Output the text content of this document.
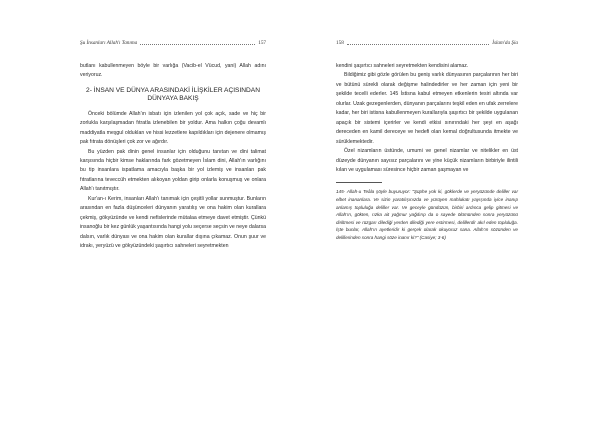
Şu İnsanları Allah'ı Tanıma	157

butlanı kabullenmeyen böyle bir varlığa (Vacib-el Vücud, yani) Allah adını veriyoruz.

2- İNSAN VE DÜNYA ARASINDAKİ İLİŞKİLER AÇISINDAN DÜNYAYA BAKIŞ

Önceki bölümde Allah'ın isbatı için izlenilen yol çok açık, sade ve hiç bir zorlukla karşılaşmadan fıtratla izlenebilen bir yoldur. Ama halkın çoğu devamlı maddiyatla meşgul oldukları ve hissi lezzetlere kapıldıkları için dejenere olmamış pak fıtrata dönüşleri çok zor ve ağırdır.

Bu yüzden pak dinin genel insanlar için olduğunu tanıtan ve dini talimat karşısında hiçbir kimse haklarında fark gözetmeyen İslam dini, Allah'ın varlığını bu tip insanlara ispatlama amacıyla başka bir yol izlemiş ve insanları pak fıtratlarına teveccüh etmekten alıkoyan yoldan girip onlarla konuşmuş ve onlara Allah'ı tanıtmıştır.

Kur'an-ı Kerim, insanları Allah'ı tanımak için çeşitli yollar sunmuştur. Bunların arasından en fazla düşünceleri dünyanın yaratılış ve ona hakim olan kurallara çekmiş, gökyüzünde ve kendi nefislerinde mütalaa etmeye davet etmiştir. Çünkü insanoğlu bir kez günlük yaşantısında hangi yolu seçerse seçsin ve neye dalarsa dalsın, varlık dünyası ve ona hakim olan kurallar dışına çıkamaz. Onun şuur ve idrakı, yeryüzü ve gökyüzündeki şaşırtıcı sahneleri seyretmekten

158	İslam'da Şia

kendini şaşırtıcı sahneleri seyretmekten kendisini alamaz.

Bildiğimiz gibi gözle görülen bu geniş varlık dünyasının parçalarının her biri ve bütünü sürekli olarak değişme halindedirler ve her zaman için yeni bir şekilde tecelli ederler. 145 İstisna kabul etmeyen etkenlerin tesiri altında var olurlar. Uzak gezegenlerden, dünyanın parçalarını teşkil eden en ufak zerrelere kadar, her biri istisna kabullenmeyen kurallarıyla şaşırtıcı bir şekilde uygulanan apaçık bir sistemi içerirler ve kendi etkisi sınırındaki her şeyi en aşağı dereceden en kamil dereceye ve hedefi olan kemal doğrultusunda itmekte ve sürüklemektedir.

Özel nizamların üstünde, umumi ve genel nizamlar ve nitelikler en üst düzeyde dünyanın sayısız parçalarını ve yine küçük nizamların birbiriyle ilintili kılan ve uygulaması süresince hiçbir zaman şaşmayan ve

145- Allah-u Teâla şöyle buyuruyor: "Şüphe yok ki, göklerde ve yeryüzünde deliller var elbet inananlara. Ve sizin yaratılışınızda ve yürüyen mahlukatı yayışında iyice inanıp anlamış topluluğa deliller var. Ve geceyle gündüzün, birbiri ardınca gelip gitmesi ve Allah'ın, gökten, rızka ait yağmur yağdırıp da o sayede ölümünden sonra yeryüzünü diriltmesi ve rüzgarı dilediği yerden dilediği yere estirmesi, delillerdir akıl eden topluluğa. İşte bunlar, Allah'ın ayetleridir ki gerçek olarak okuyoruz sana. Allah'ın sözünden ve delillerinden sonra hangi söze inanır ki?" (Casiye; 3-6)
